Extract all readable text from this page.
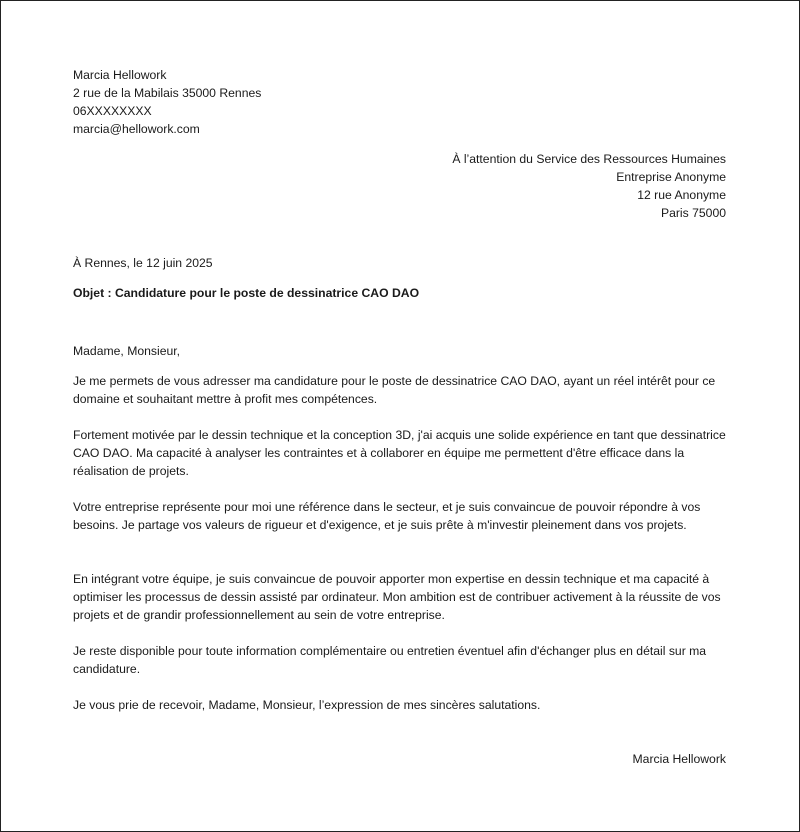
Marcia Hellowork
2 rue de la Mabilais 35000 Rennes
06XXXXXXXX
marcia@hellowork.com
À l’attention du Service des Ressources Humaines
Entreprise Anonyme
12 rue Anonyme
Paris 75000
À Rennes, le 12 juin 2025
Objet : Candidature pour le poste de dessinatrice CAO DAO
Madame, Monsieur,

Je me permets de vous adresser ma candidature pour le poste de dessinatrice CAO DAO, ayant un réel intérêt pour ce domaine et souhaitant mettre à profit mes compétences.

Fortement motivée par le dessin technique et la conception 3D, j'ai acquis une solide expérience en tant que dessinatrice CAO DAO. Ma capacité à analyser les contraintes et à collaborer en équipe me permettent d'être efficace dans la réalisation de projets.

Votre entreprise représente pour moi une référence dans le secteur, et je suis convaincue de pouvoir répondre à vos besoins. Je partage vos valeurs de rigueur et d'exigence, et je suis prête à m'investir pleinement dans vos projets.

En intégrant votre équipe, je suis convaincue de pouvoir apporter mon expertise en dessin technique et ma capacité à optimiser les processus de dessin assisté par ordinateur. Mon ambition est de contribuer activement à la réussite de vos projets et de grandir professionnellement au sein de votre entreprise.

Je reste disponible pour toute information complémentaire ou entretien éventuel afin d'échanger plus en détail sur ma candidature.

Je vous prie de recevoir, Madame, Monsieur, l’expression de mes sincères salutations.

Marcia Hellowork
